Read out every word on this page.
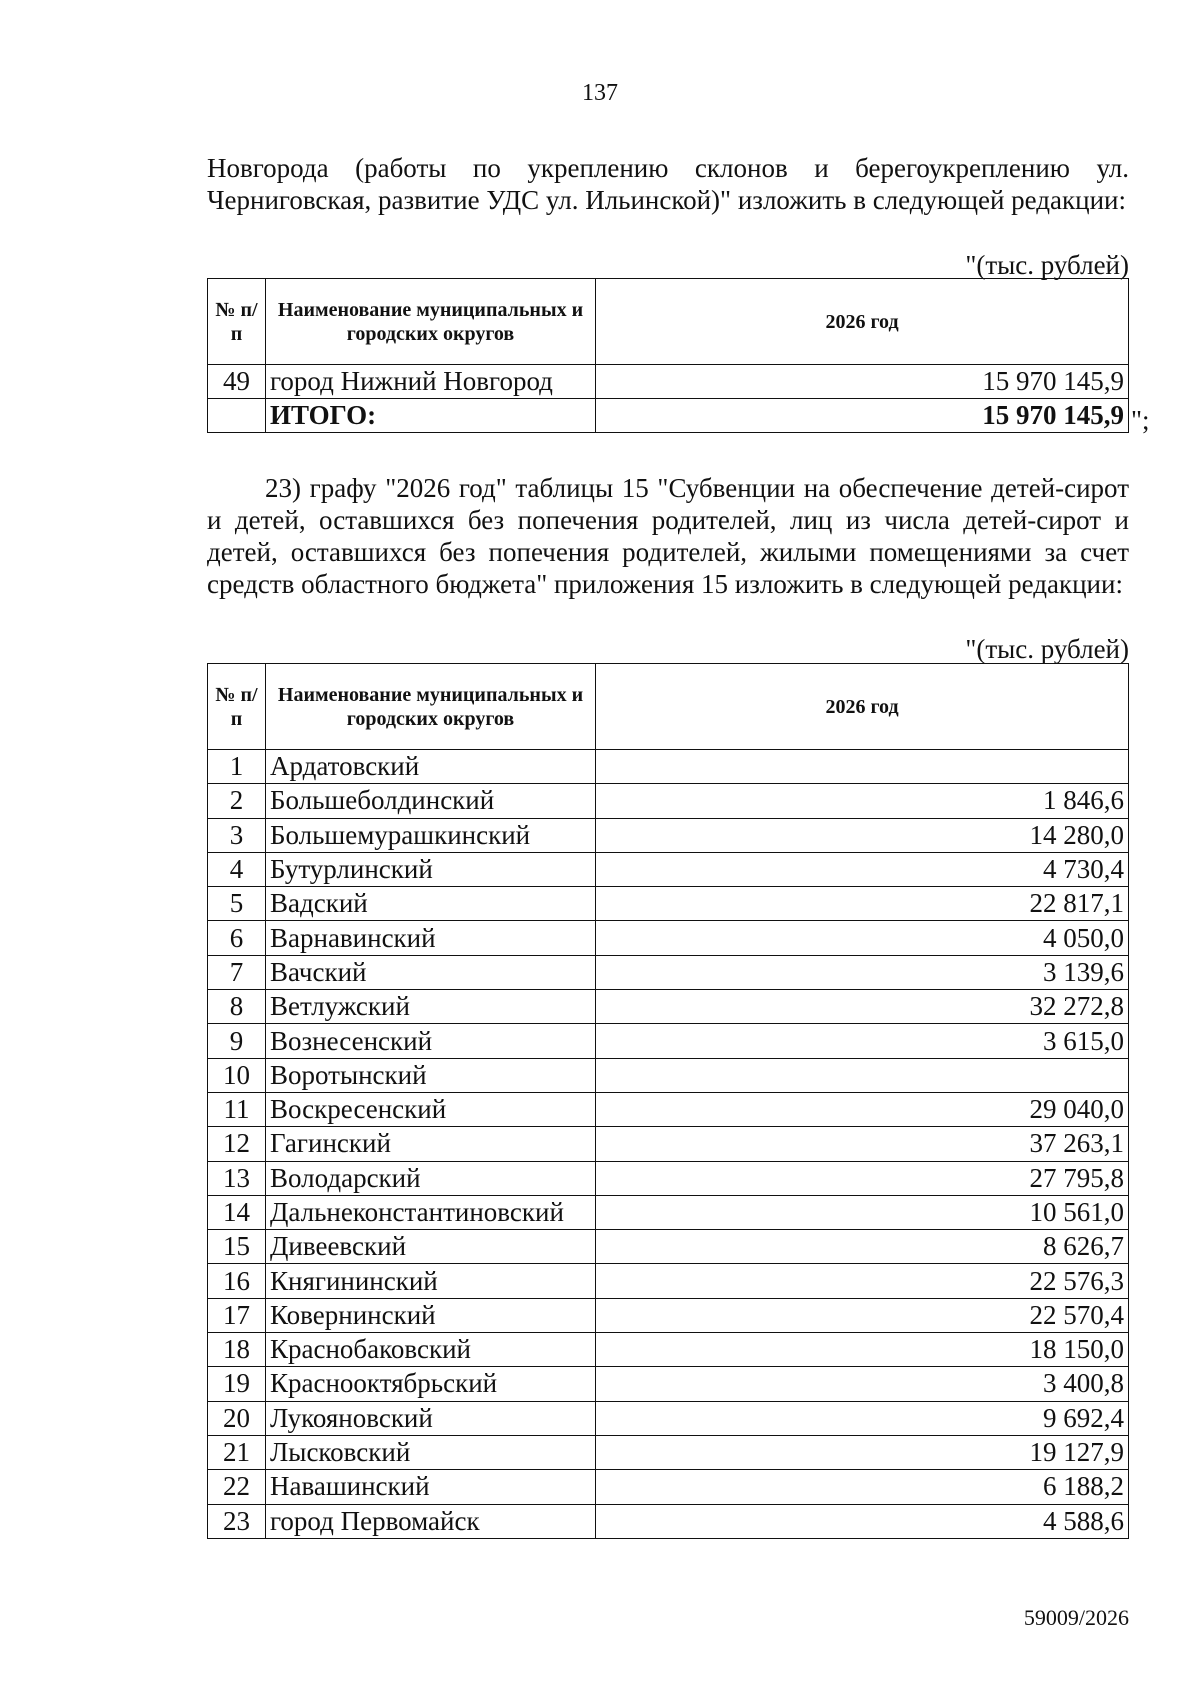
137
Новгорода (работы по укреплению склонов и берегоукреплению ул. Черниговская, развитие УДС ул. Ильинской)" изложить в следующей редакции:
"(тыс. рублей)
№ п/п	Наименование муниципальных и городских округов	2026 год
49	город Нижний Новгород	15 970 145,9
	ИТОГО:	15 970 145,9 ";
23) графу "2026 год" таблицы 15 "Субвенции на обеспечение детей-сирот и детей, оставшихся без попечения родителей, лиц из числа детей-сирот и детей, оставшихся без попечения родителей, жилыми помещениями за счет средств областного бюджета" приложения 15 изложить в следующей редакции:
"(тыс. рублей)
№ п/п	Наименование муниципальных и городских округов	2026 год
1	Ардатовский	
2	Большеболдинский	1 846,6
3	Большемурашкинский	14 280,0
4	Бутурлинский	4 730,4
5	Вадский	22 817,1
6	Варнавинский	4 050,0
7	Вачский	3 139,6
8	Ветлужский	32 272,8
9	Вознесенский	3 615,0
10	Воротынский	
11	Воскресенский	29 040,0
12	Гагинский	37 263,1
13	Володарский	27 795,8
14	Дальнеконстантиновский	10 561,0
15	Дивеевский	8 626,7
16	Княгининский	22 576,3
17	Ковернинский	22 570,4
18	Краснобаковский	18 150,0
19	Краснооктябрьский	3 400,8
20	Лукояновский	9 692,4
21	Лысковский	19 127,9
22	Навашинский	6 188,2
23	город Первомайск	4 588,6
59009/2026
